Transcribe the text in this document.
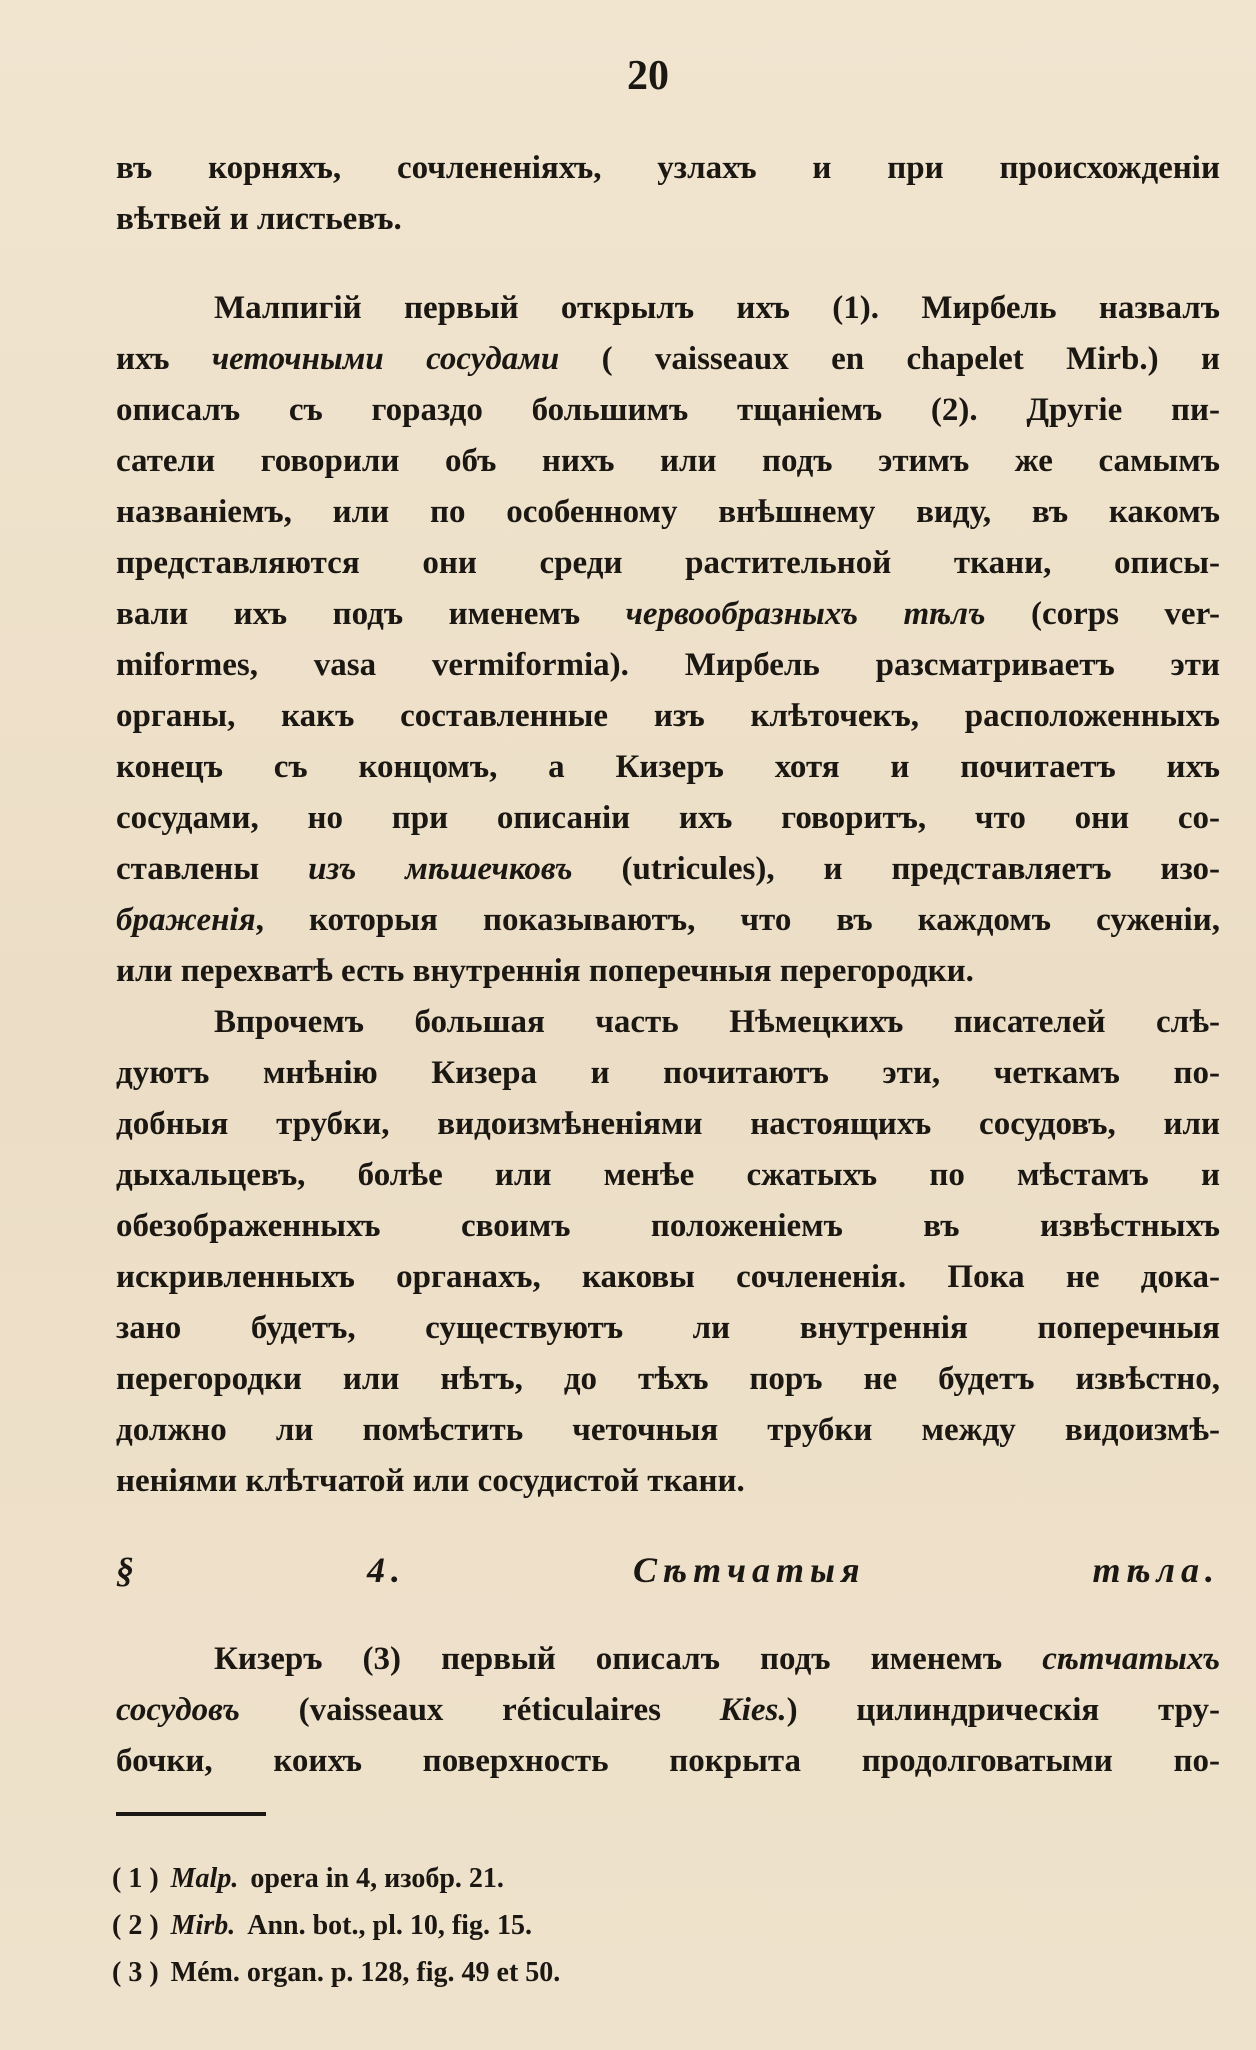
20

въ корняхъ, сочлененіяхъ, узлахъ и при происхожденіи

вѣтвей и листьевъ.

Малпигій первый открылъ ихъ (1). Мирбель назвалъ

ихъ четочными сосудами ( vaisseaux en chapelet Mirb.) и

описалъ съ гораздо большимъ тщаніемъ (2). Другіе пи-

сатели говорили объ нихъ или подъ этимъ же самымъ

названіемъ, или по особенному внѣшнему виду, въ какомъ

представляются они среди растительной ткани, описы-

вали ихъ подъ именемъ червообразныхъ тѣлъ (corps ver-

miformes, vasa vermiformia). Мирбель разсматриваетъ эти

органы, какъ составленные изъ клѣточекъ, расположенныхъ

конецъ съ концомъ, а Кизеръ хотя и почитаетъ ихъ

сосудами, но при описаніи ихъ говоритъ, что они со-

ставлены изъ мѣшечковъ (utricules), и представляетъ изо-

браженія, которыя показываютъ, что въ каждомъ суженіи,

или перехватѣ есть внутреннія поперечныя перегородки.

Впрочемъ большая часть Нѣмецкихъ писателей слѣ-

дуютъ мнѣнію Кизера и почитаютъ эти, четкамъ по-

добныя трубки, видоизмѣненіями настоящихъ сосудовъ, или

дыхальцевъ, болѣе или менѣе сжатыхъ по мѣстамъ и

обезображенныхъ своимъ положеніемъ въ извѣстныхъ

искривленныхъ органахъ, каковы сочлененія. Пока не дока-

зано будетъ, существуютъ ли внутреннія поперечныя

перегородки или нѣтъ, до тѣхъ поръ не будетъ извѣстно,

должно ли помѣстить четочныя трубки между видоизмѣ-

неніями клѣтчатой или сосудистой ткани.

§ 4. Сѣтчатыя тѣла.

Кизеръ (3) первый описалъ подъ именемъ сѣтчатыхъ

сосудовъ (vaisseaux réticulaires Kies.) цилиндрическія тру-

бочки, коихъ поверхность покрыта продолговатыми по-

( 1 ) Malp. opera in 4, изобр. 21.
( 2 ) Mirb. Ann. bot., pl. 10, fig. 15.
( 3 ) Mém. organ. p. 128, fig. 49 et 50.
